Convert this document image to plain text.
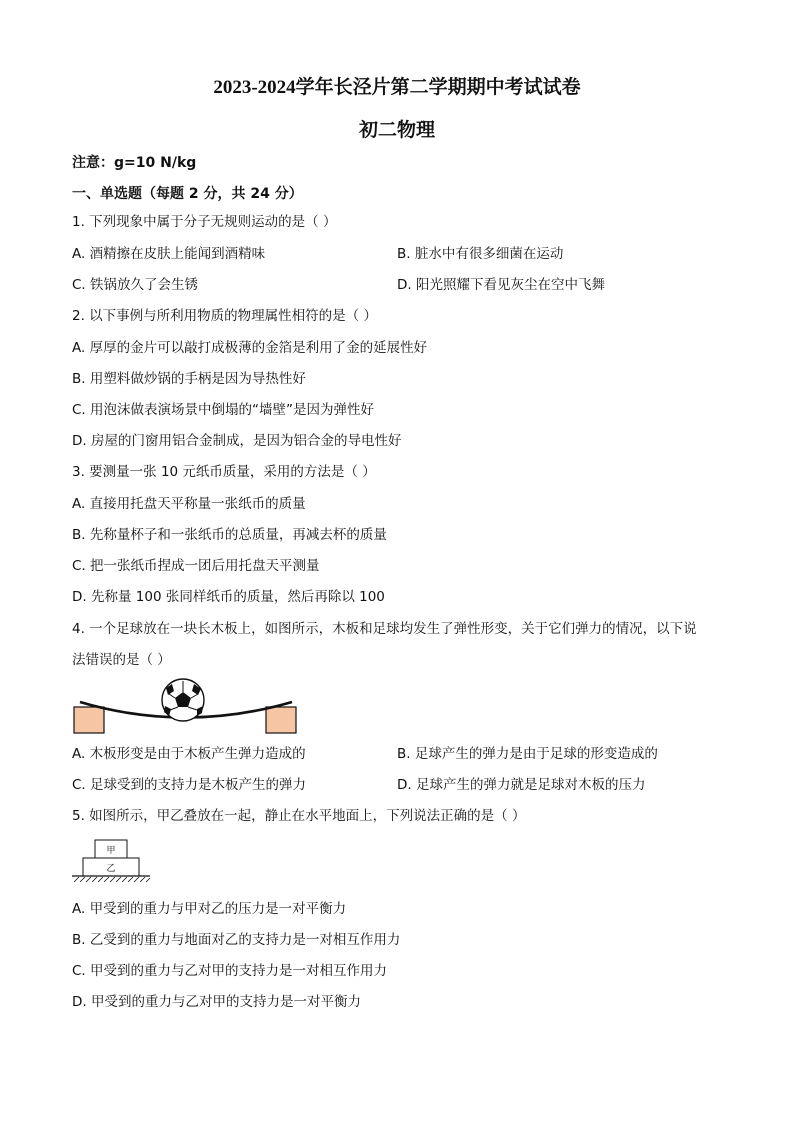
2023-2024学年长泾片第二学期期中考试试卷
初二物理
注意：g=10 N/kg
一、单选题（每题 2 分，共 24 分）
1. 下列现象中属于分子无规则运动的是（ ）
A. 酒精擦在皮肤上能闻到酒精味	B. 脏水中有很多细菌在运动
C. 铁锅放久了会生锈	D. 阳光照耀下看见灰尘在空中飞舞
2. 以下事例与所利用物质的物理属性相符的是（ ）
A. 厚厚的金片可以敲打成极薄的金箔是利用了金的延展性好
B. 用塑料做炒锅的手柄是因为导热性好
C. 用泡沫做表演场景中倒塌的“墙壁”是因为弹性好
D. 房屋的门窗用铝合金制成，是因为铝合金的导电性好
3. 要测量一张 10 元纸币质量，采用的方法是（ ）
A. 直接用托盘天平称量一张纸币的质量
B. 先称量杯子和一张纸币的总质量，再减去杯的质量
C. 把一张纸币捏成一团后用托盘天平测量
D. 先称量 100 张同样纸币的质量，然后再除以 100
4. 一个足球放在一块长木板上，如图所示，木板和足球均发生了弹性形变，关于它们弹力的情况，以下说
法错误的是（ ）
A. 木板形变是由于木板产生弹力造成的	B. 足球产生的弹力是由于足球的形变造成的
C. 足球受到的支持力是木板产生的弹力	D. 足球产生的弹力就是足球对木板的压力
5. 如图所示，甲乙叠放在一起，静止在水平地面上，下列说法正确的是（ ）
甲
乙
A. 甲受到的重力与甲对乙的压力是一对平衡力
B. 乙受到的重力与地面对乙的支持力是一对相互作用力
C. 甲受到的重力与乙对甲的支持力是一对相互作用力
D. 甲受到的重力与乙对甲的支持力是一对平衡力
